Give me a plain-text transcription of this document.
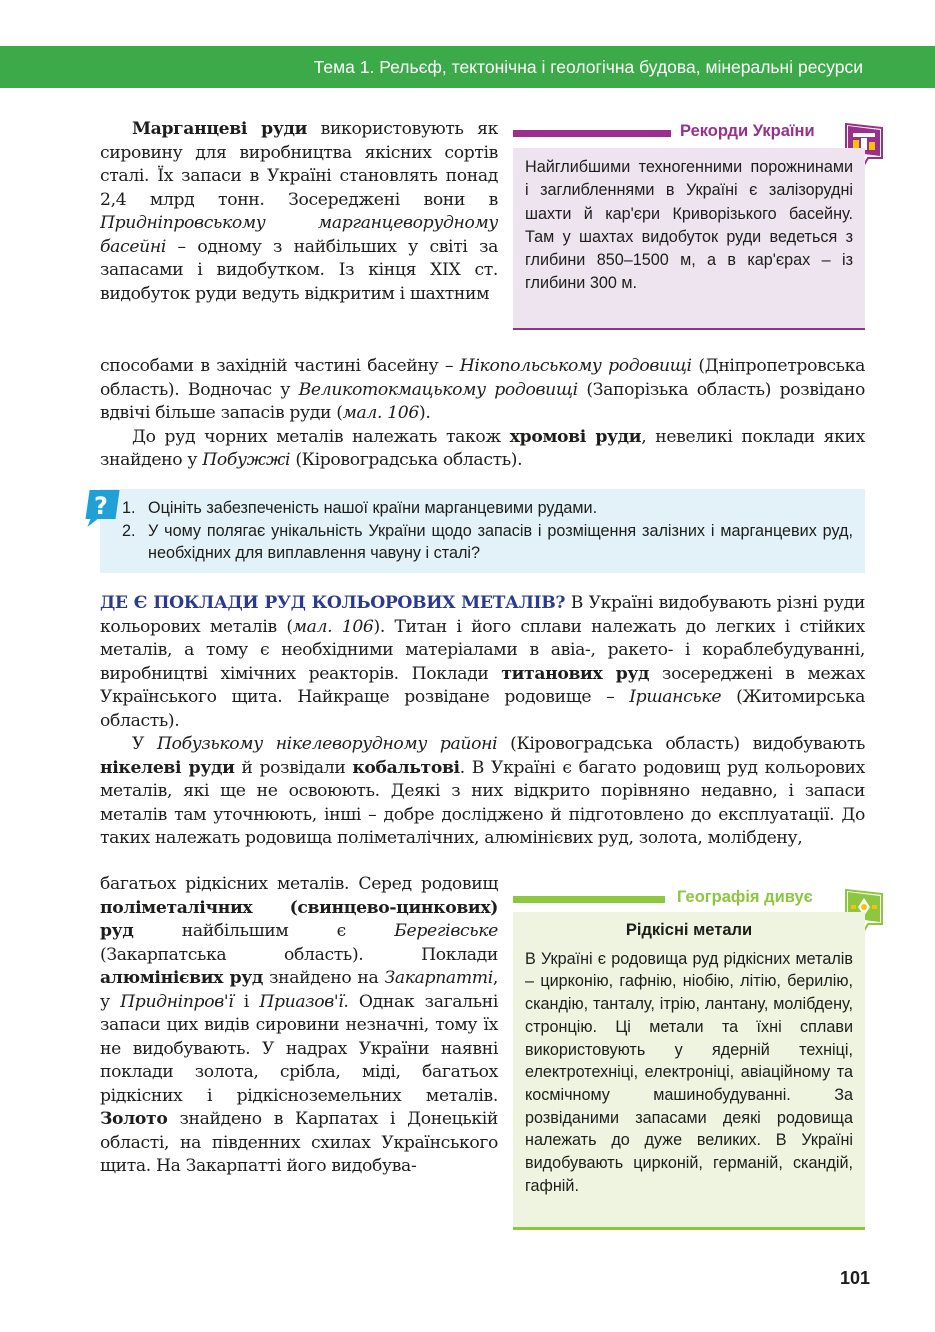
Тема 1. Рельєф, тектонічна і геологічна будова, мінеральні ресурси

Марганцеві руди використовують як сировину для виробництва якісних сортів сталі. Їх запаси в Україні становлять понад 2,4 млрд тонн. Зосереджені вони в Придніпровському марганцеворудному басейні – одному з найбільших у світі за запасами і видобутком. Із кінця XIX ст. видобуток руди ведуть відкритим і шахтним

Рекорди України

Найглибшими техногенними порожнинами і заглибленнями в Україні є залізорудні шахти й кар'єри Криворізького басейну. Там у шахтах видобуток руди ведеться з глибини 850–1500 м, а в кар'єрах – із глибини 300 м.

способами в західній частині басейну – Нікопольському родовищі (Дніпропетровська область). Водночас у Великотокмацькому родовищі (Запорізька область) розвідано вдвічі більше запасів руди (мал. 106).

До руд чорних металів належать також хромові руди, невеликі поклади яких знайдено у Побужжі (Кіровоградська область).

1. Оцініть забезпеченість нашої країни марганцевими рудами.
2. У чому полягає унікальність України щодо запасів і розміщення залізних і марганцевих руд, необхідних для виплавлення чавуну і сталі?
?

ДЕ Є ПОКЛАДИ РУД КОЛЬОРОВИХ МЕТАЛІВ? В Україні видобувають різні руди кольорових металів (мал. 106). Титан і його сплави належать до легких і стійких металів, а тому є необхідними матеріалами в авіа-, ракето- і кораблебудуванні, виробництві хімічних реакторів. Поклади титанових руд зосереджені в межах Українського щита. Найкраще розвідане родовище – Іршанське (Житомирська область).

У Побузькому нікелеворудному районі (Кіровоградська область) видобувають нікелеві руди й розвідали кобальтові. В Україні є багато родовищ руд кольорових металів, які ще не освоюють. Деякі з них відкрито порівняно недавно, і запаси металів там уточнюють, інші – добре досліджено й підготовлено до експлуатації. До таких належать родовища поліметалічних, алюмінієвих руд, золота, молібдену,

багатьох рідкісних металів. Серед родовищ поліметалічних (свинцево-цинкових) руд найбільшим є Берегівське (Закарпатська область). Поклади алюмінієвих руд знайдено на Закарпатті, у Придніпров'ї і Приазов'ї. Однак загальні запаси цих видів сировини незначні, тому їх не видобувають. У надрах України наявні поклади золота, срібла, міді, багатьох рідкісних і рідкісноземельних металів. Золото знайдено в Карпатах і Донецькій області, на південних схилах Українського щита. На Закарпатті його видобува-

Географія дивує
Рідкісні метали

В Україні є родовища руд рідкісних металів – цирконію, гафнію, ніобію, літію, берилію, скандію, танталу, ітрію, лантану, молібдену, стронцію. Ці метали та їхні сплави використовують у ядерній техніці, електротехніці, електроніці, авіаційному та космічному машинобудуванні. За розвіданими запасами деякі родовища належать до дуже великих. В Україні видобувають цирконій, германій, скандій, гафній.

101
